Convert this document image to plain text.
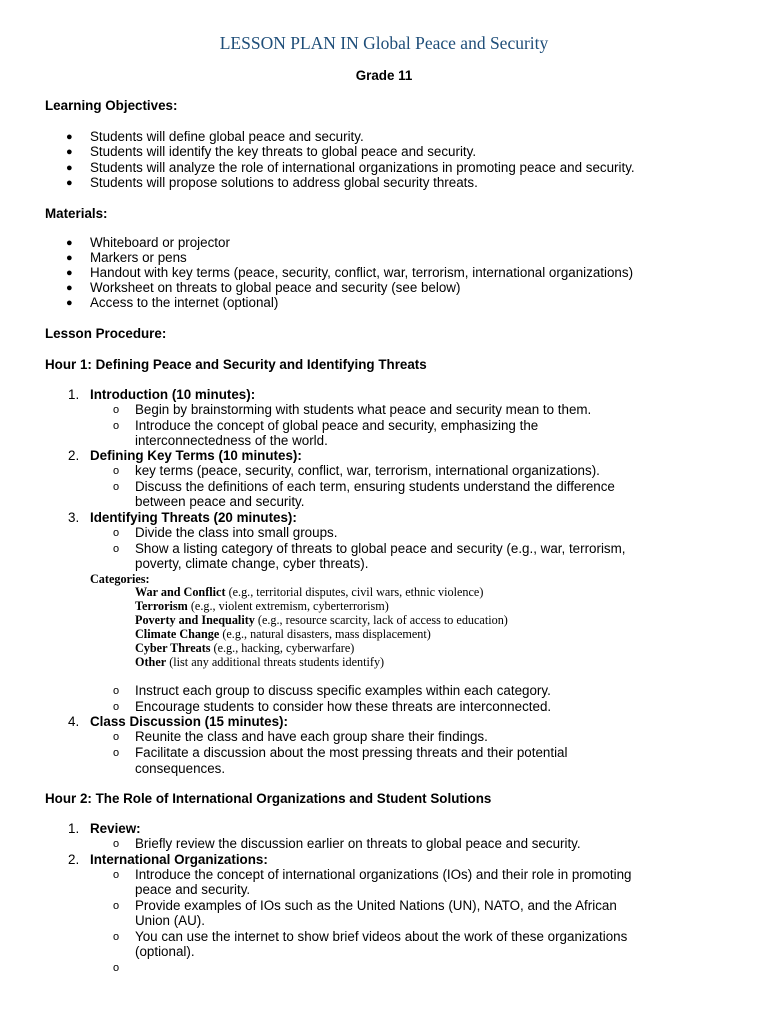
LESSON PLAN IN Global Peace and Security
Grade 11
Learning Objectives:
● Students will define global peace and security.
● Students will identify the key threats to global peace and security.
● Students will analyze the role of international organizations in promoting peace and security.
● Students will propose solutions to address global security threats.
Materials:
● Whiteboard or projector
● Markers or pens
● Handout with key terms (peace, security, conflict, war, terrorism, international organizations)
● Worksheet on threats to global peace and security (see below)
● Access to the internet (optional)
Lesson Procedure:
Hour 1: Defining Peace and Security and Identifying Threats
1. Introduction (10 minutes):
o Begin by brainstorming with students what peace and security mean to them.
o Introduce the concept of global peace and security, emphasizing the
interconnectedness of the world.
2. Defining Key Terms (10 minutes):
o key terms (peace, security, conflict, war, terrorism, international organizations).
o Discuss the definitions of each term, ensuring students understand the difference
between peace and security.
3. Identifying Threats (20 minutes):
o Divide the class into small groups.
o Show a listing category of threats to global peace and security (e.g., war, terrorism,
poverty, climate change, cyber threats).
Categories:
War and Conflict (e.g., territorial disputes, civil wars, ethnic violence)
Terrorism (e.g., violent extremism, cyberterrorism)
Poverty and Inequality (e.g., resource scarcity, lack of access to education)
Climate Change (e.g., natural disasters, mass displacement)
Cyber Threats (e.g., hacking, cyberwarfare)
Other (list any additional threats students identify)
o Instruct each group to discuss specific examples within each category.
o Encourage students to consider how these threats are interconnected.
4. Class Discussion (15 minutes):
o Reunite the class and have each group share their findings.
o Facilitate a discussion about the most pressing threats and their potential
consequences.
Hour 2: The Role of International Organizations and Student Solutions
1. Review:
o Briefly review the discussion earlier on threats to global peace and security.
2. International Organizations:
o Introduce the concept of international organizations (IOs) and their role in promoting
peace and security.
o Provide examples of IOs such as the United Nations (UN), NATO, and the African
Union (AU).
o You can use the internet to show brief videos about the work of these organizations
(optional).
o
